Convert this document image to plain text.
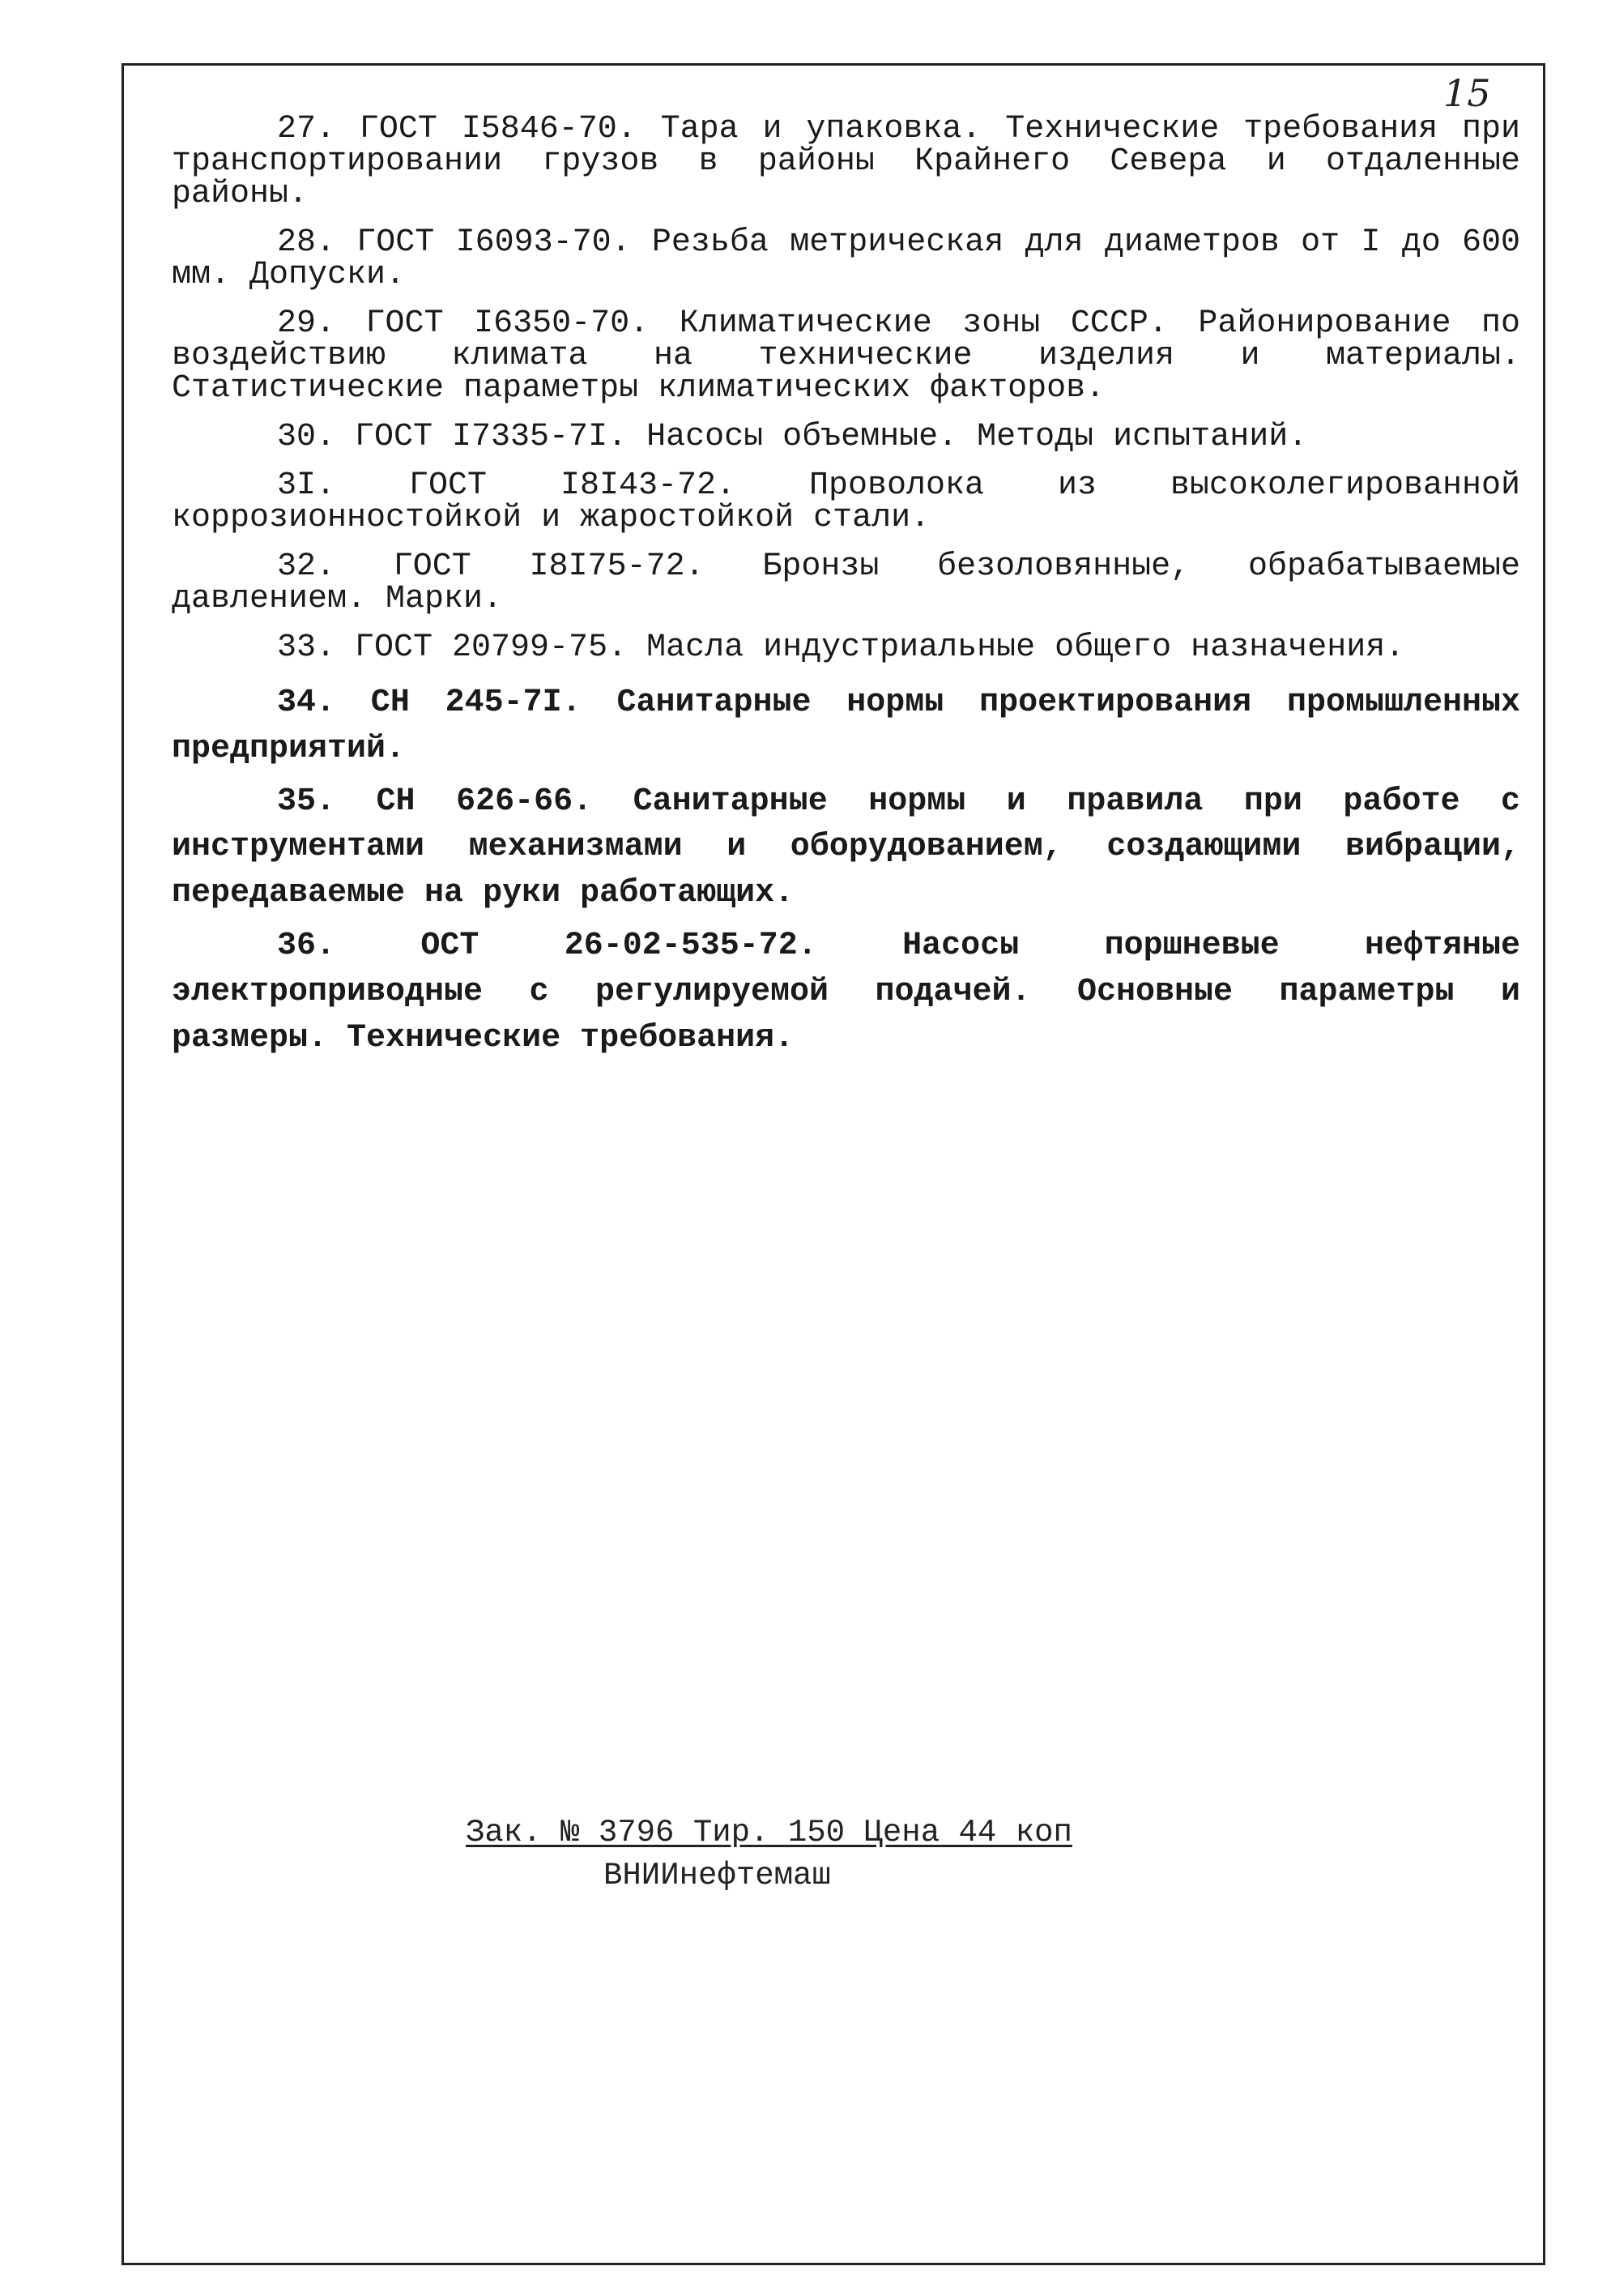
15

27. ГОСТ I5846-70. Тара и упаковка. Технические требования при транспортировании грузов в районы Крайнего Севера и отдаленные районы.

28. ГОСТ I6093-70. Резьба метрическая для диаметров от I до 600 мм. Допуски.

29. ГОСТ I6350-70. Климатические зоны СССР. Районирование по воздействию климата на технические изделия и материалы. Статистические параметры климатических факторов.

30. ГОСТ I7335-7I. Насосы объемные. Методы испытаний.

3I. ГОСТ I8I43-72. Проволока из высоколегированной коррозионностойкой и жаростойкой стали.

32. ГОСТ I8I75-72. Бронзы безоловянные, обрабатываемые давлением. Марки.

33. ГОСТ 20799-75. Масла индустриальные общего назначения.

34. СН 245-7I. Санитарные нормы проектирования промышленных предприятий.

35. СН 626-66. Санитарные нормы и правила при работе с инструментами механизмами и оборудованием, создающими вибрации, передаваемые на руки работающих.

36. ОСТ 26-02-535-72. Насосы поршневые нефтяные электроприводные с регулируемой подачей. Основные параметры и размеры. Технические требования.

Зак. № 3796 Тир. 150 Цена 44 коп
ВНИИнефтемаш
